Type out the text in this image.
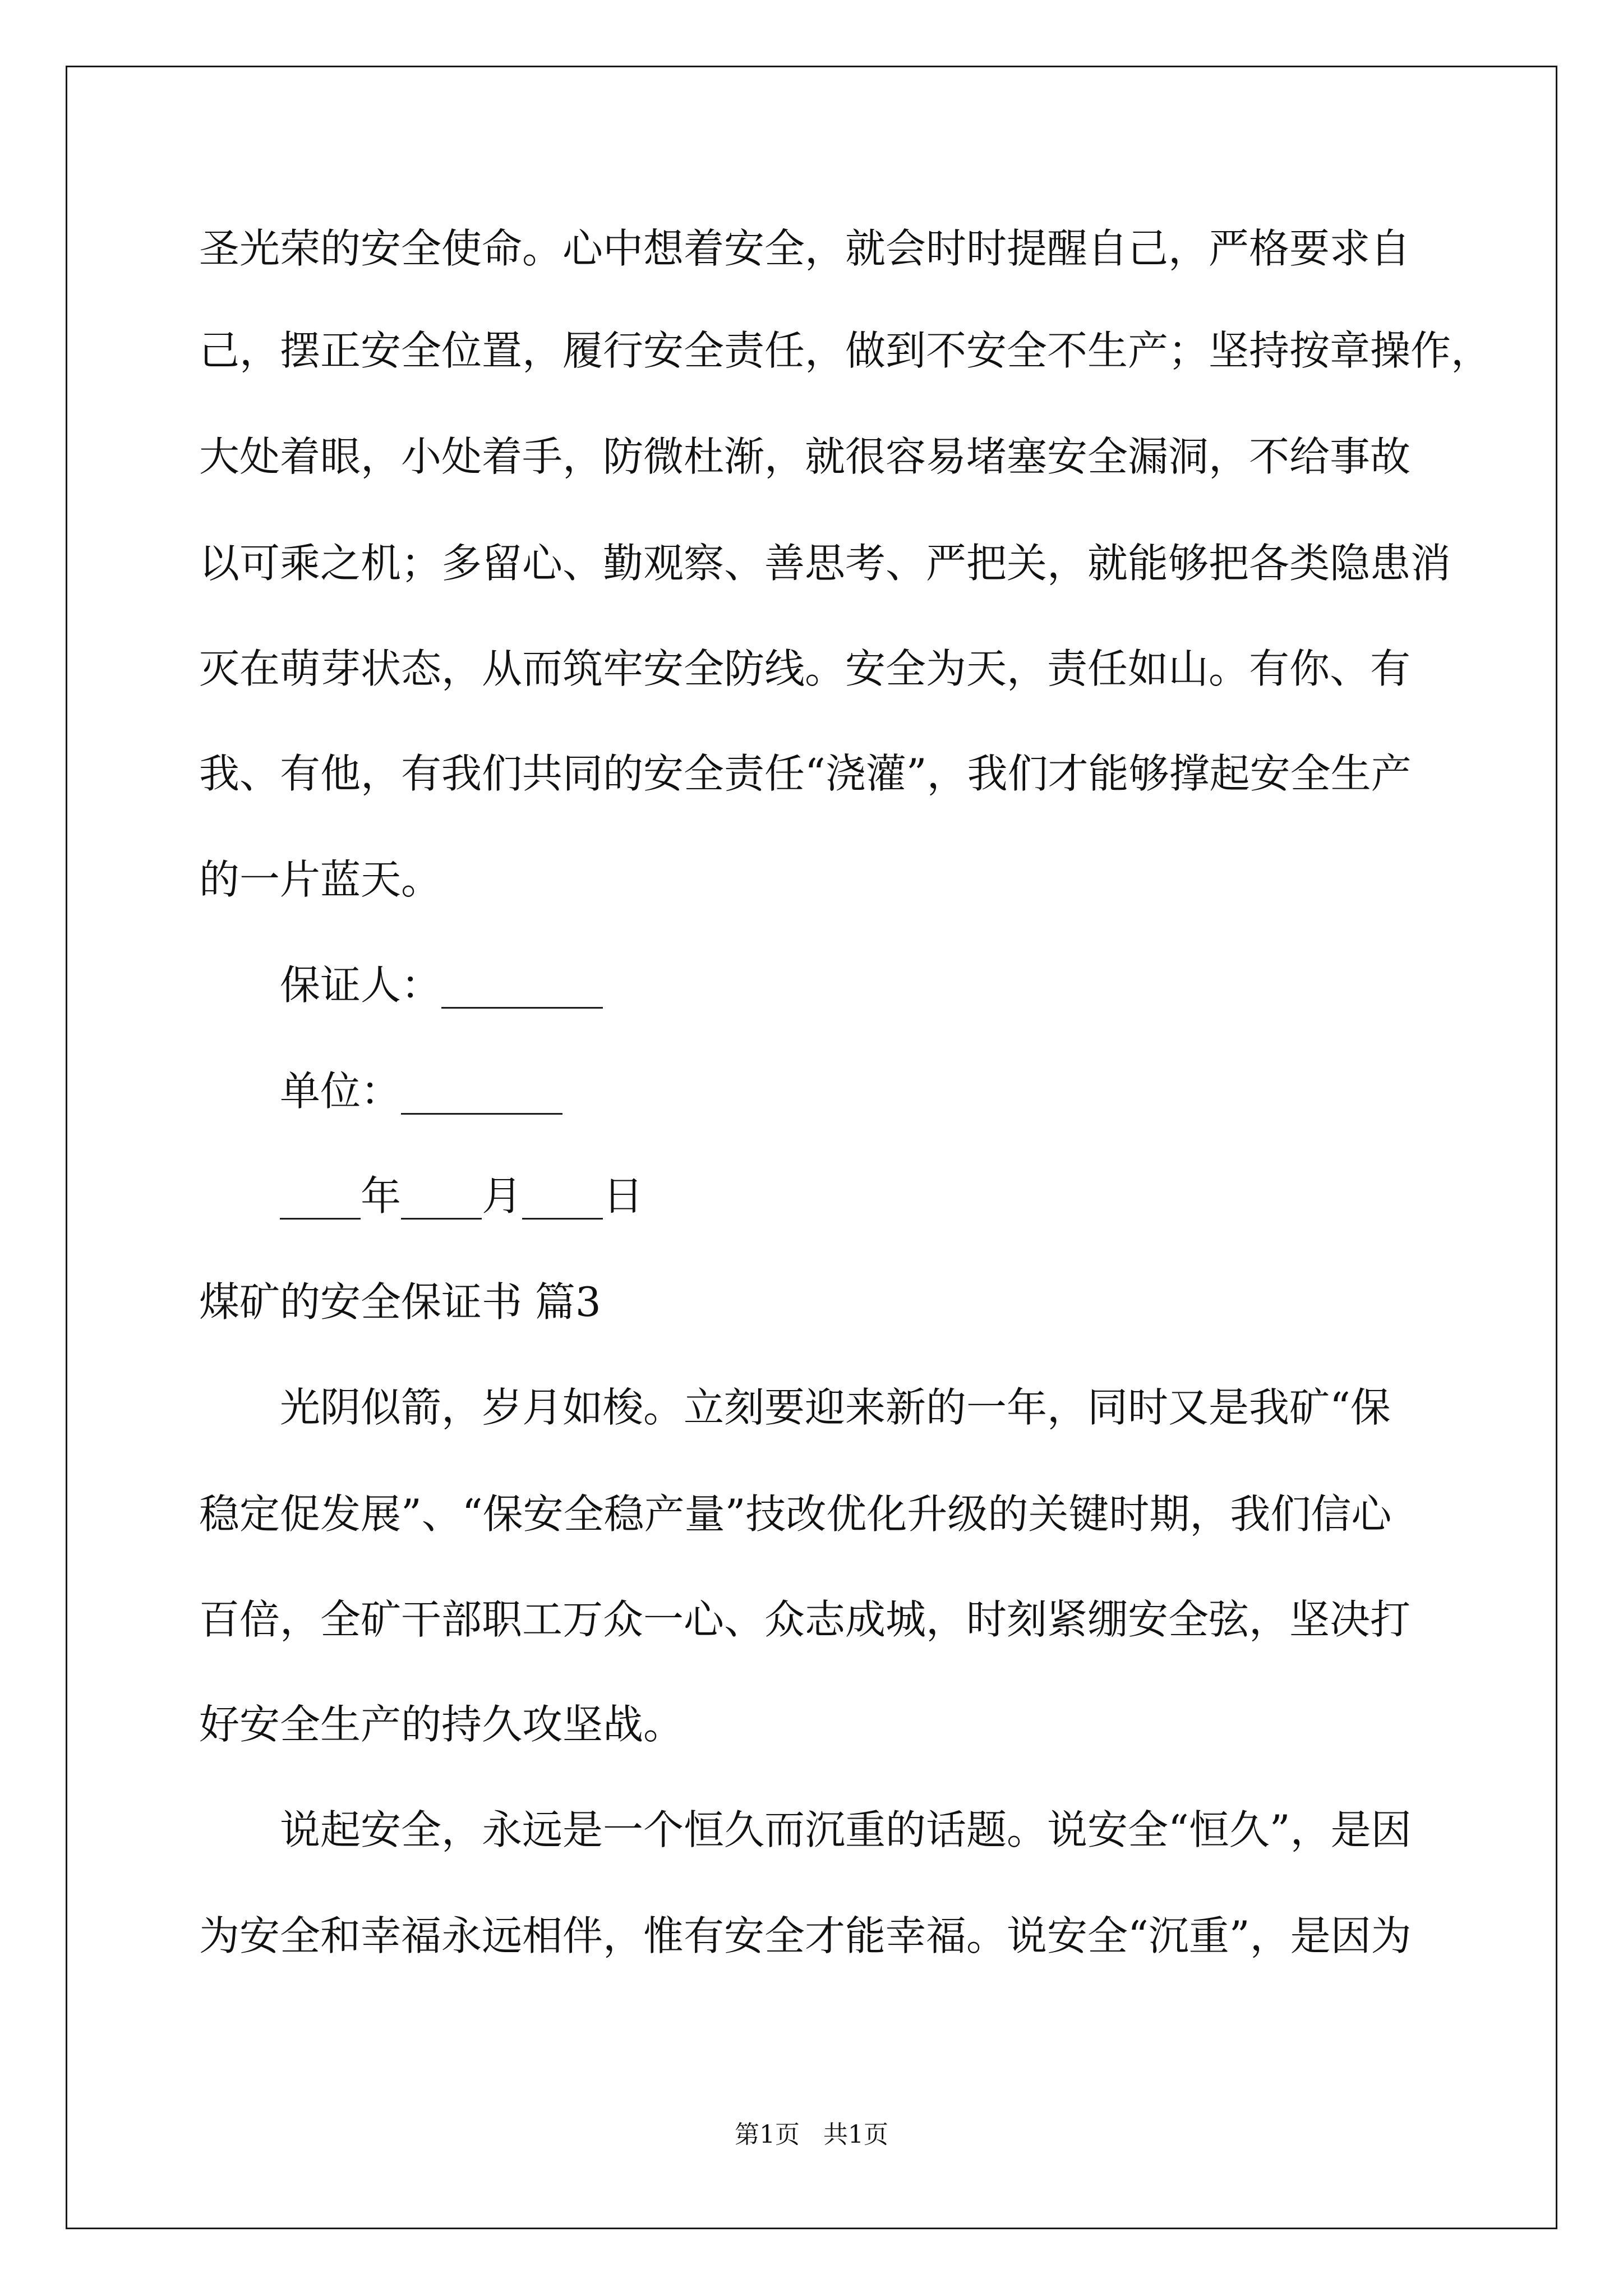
圣光荣的安全使命。心中想着安全，就会时时提醒自己，严格要求自
己，摆正安全位置，履行安全责任，做到不安全不生产；坚持按章操作，
大处着眼，小处着手，防微杜渐，就很容易堵塞安全漏洞，不给事故
以可乘之机；多留心、勤观察、善思考、严把关，就能够把各类隐患消
灭在萌芽状态，从而筑牢安全防线。安全为天，责任如山。有你、有
我、有他，有我们共同的安全责任“浇灌”，我们才能够撑起安全生产
的一片蓝天。
保证人：________
单位：________
____年____月____日
煤矿的安全保证书 篇3
光阴似箭，岁月如梭。立刻要迎来新的一年，同时又是我矿“保
稳定促发展”、“保安全稳产量”技改优化升级的关键时期，我们信心
百倍，全矿干部职工万众一心、众志成城，时刻紧绷安全弦，坚决打
好安全生产的持久攻坚战。
说起安全，永远是一个恒久而沉重的话题。说安全“恒久”，是因
为安全和幸福永远相伴，惟有安全才能幸福。说安全“沉重”，是因为
第1页 共1页
